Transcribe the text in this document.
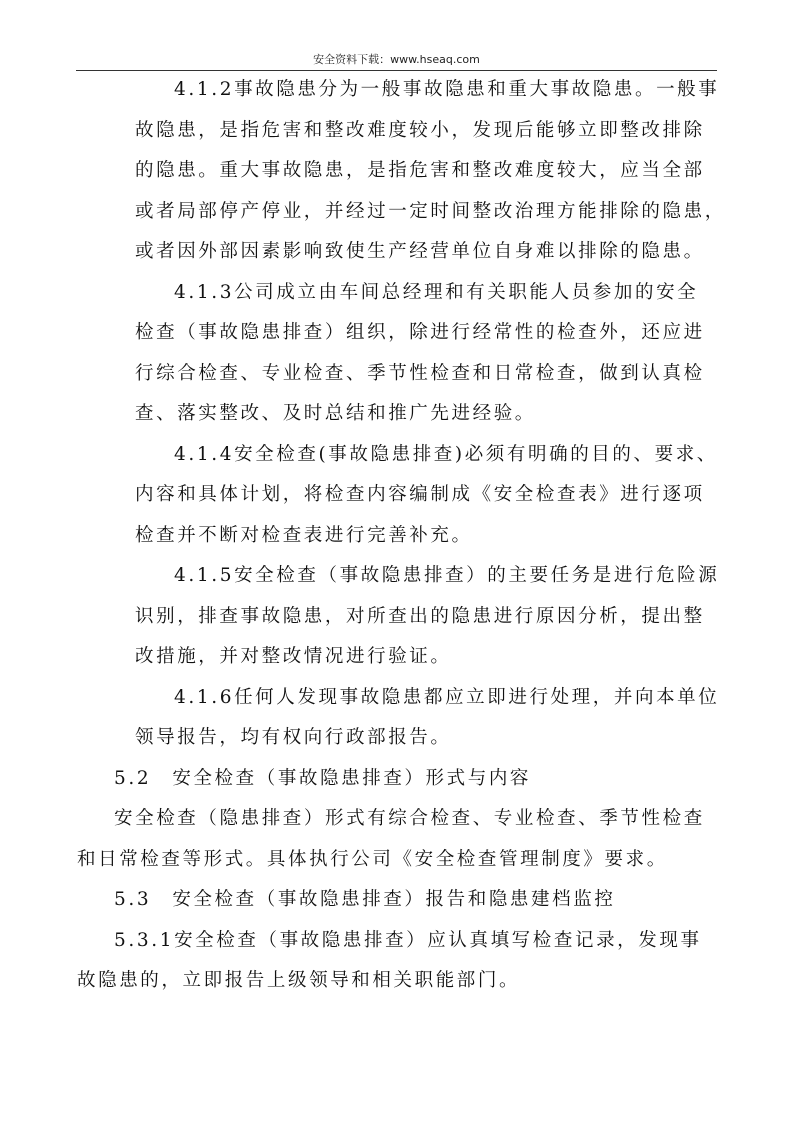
安全资料下载：www.hseaq.com
4.1.2事故隐患分为一般事故隐患和重大事故隐患。一般事
故隐患，是指危害和整改难度较小，发现后能够立即整改排除
的隐患。重大事故隐患，是指危害和整改难度较大，应当全部
或者局部停产停业，并经过一定时间整改治理方能排除的隐患，
或者因外部因素影响致使生产经营单位自身难以排除的隐患。
4.1.3公司成立由车间总经理和有关职能人员参加的安全
检查（事故隐患排查）组织，除进行经常性的检查外，还应进
行综合检查、专业检查、季节性检查和日常检查，做到认真检
查、落实整改、及时总结和推广先进经验。
4.1.4安全检查(事故隐患排查)必须有明确的目的、要求、
内容和具体计划，将检查内容编制成《安全检查表》进行逐项
检查并不断对检查表进行完善补充。
4.1.5安全检查（事故隐患排查）的主要任务是进行危险源
识别，排查事故隐患，对所查出的隐患进行原因分析，提出整
改措施，并对整改情况进行验证。
4.1.6任何人发现事故隐患都应立即进行处理，并向本单位
领导报告，均有权向行政部报告。
5.2　安全检查（事故隐患排查）形式与内容
安全检查（隐患排查）形式有综合检查、专业检查、季节性检查
和日常检查等形式。具体执行公司《安全检查管理制度》要求。
5.3　安全检查（事故隐患排查）报告和隐患建档监控
5.3.1安全检查（事故隐患排查）应认真填写检查记录，发现事
故隐患的，立即报告上级领导和相关职能部门。
